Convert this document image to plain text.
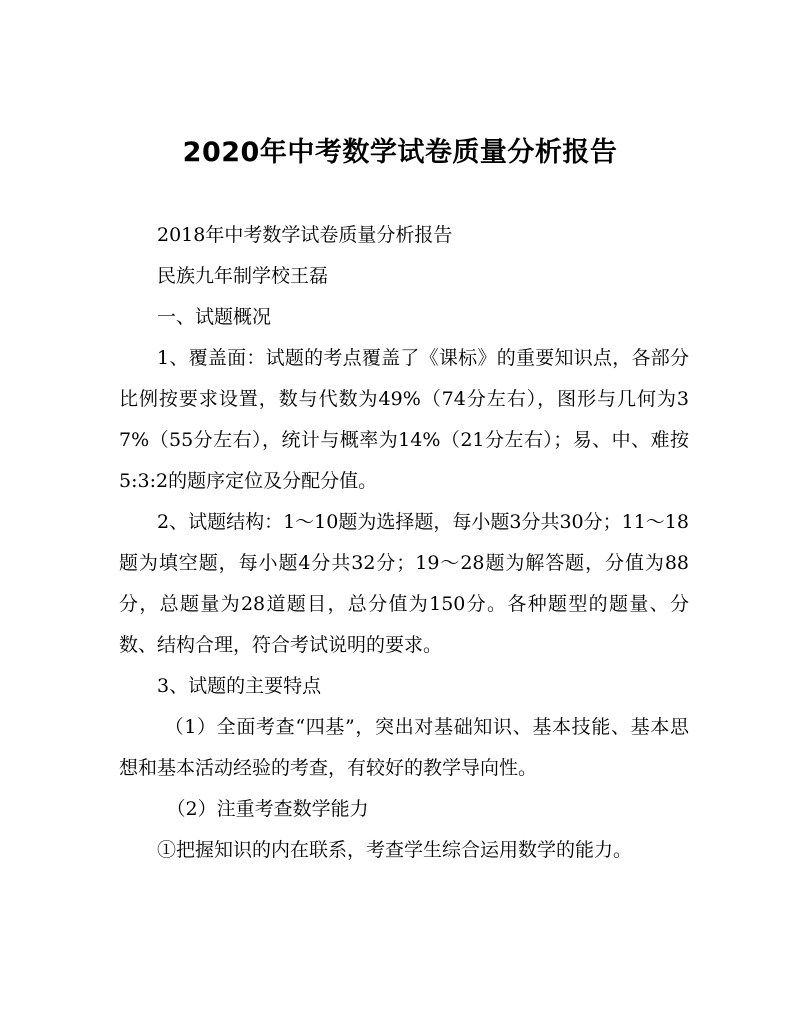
2020年中考数学试卷质量分析报告

2018年中考数学试卷质量分析报告

民族九年制学校王磊

一、试题概况

1、覆盖面：试题的考点覆盖了《课标》的重要知识点，各部分比例按要求设置，数与代数为49%（74分左右），图形与几何为37%（55分左右），统计与概率为14%（21分左右）；易、中、难按5:3:2的题序定位及分配分值。

2、试题结构：1～10题为选择题，每小题3分共30分；11～18题为填空题，每小题4分共32分；19～28题为解答题，分值为88分，总题量为28道题目，总分值为150分。各种题型的题量、分数、结构合理，符合考试说明的要求。

3、试题的主要特点

（1）全面考查“四基”，突出对基础知识、基本技能、基本思想和基本活动经验的考查，有较好的教学导向性。

（2）注重考查数学能力

①把握知识的内在联系，考查学生综合运用数学的能力。
